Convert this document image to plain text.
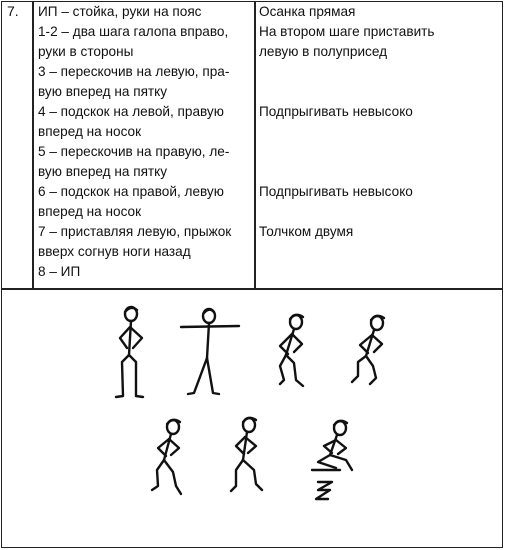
7. ИП – стойка, руки на пояс
1-2 – два шага галопа вправо,
руки в стороны
3 – перескочив на левую, пра-
вую вперед на пятку
4 – подскок на левой, правую
вперед на носок
5 – перескочив на правую, ле-
вую вперед на пятку
6 – подскок на правой, левую
вперед на носок
7 – приставляя левую, прыжок
вверх согнув ноги назад
8 – ИП
Осанка прямая
На втором шаге приставить
левую в полуприсед
Подпрыгивать невысоко
Подпрыгивать невысоко
Толчком двумя
